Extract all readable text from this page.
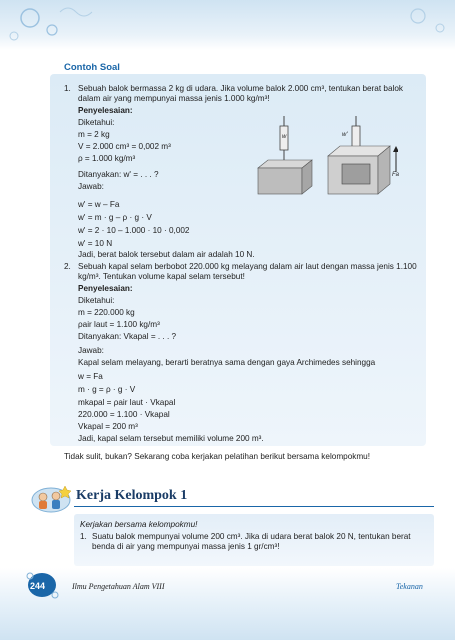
Contoh Soal
1. Sebuah balok bermassa 2 kg di udara. Jika volume balok 2.000 cm³, tentukan berat balok dalam air yang mempunyai massa jenis 1.000 kg/m³!
Penyelesaian:
Diketahui:
m = 2 kg
V = 2.000 cm³ = 0,002 m³
ρ = 1.000 kg/m³
Ditanyakan: w' = . . . ?
Jawab:
w' = w – Fa
w' = m · g – ρ · g · V
w' = 2 · 10 – 1.000 · 10 · 0,002
w' = 10 N
Jadi, berat balok tersebut dalam air adalah 10 N.
w	w'
Fa
2. Sebuah kapal selam berbobot 220.000 kg melayang dalam air laut dengan massa jenis 1.100 kg/m³. Tentukan volume kapal selam tersebut!
Penyelesaian:
Diketahui:
m = 220.000 kg
ρair laut = 1.100 kg/m³
Ditanyakan: Vkapal = . . . ?
Jawab:
Kapal selam melayang, berarti beratnya sama dengan gaya Archimedes sehingga
w = Fa
m · g = ρ · g · V
mkapal = ρair laut · Vkapal
220.000 = 1.100 · Vkapal
Vkapal = 200 m³
Jadi, kapal selam tersebut memiliki volume 200 m³.
Tidak sulit, bukan? Sekarang coba kerjakan pelatihan berikut bersama kelompokmu!
Kerja Kelompok 1
Kerjakan bersama kelompokmu!
1. Suatu balok mempunyai volume 200 cm³. Jika di udara berat balok 20 N, tentukan berat benda di air yang mempunyai massa jenis 1 gr/cm³!
244	Ilmu Pengetahuan Alam VIII	Tekanan
